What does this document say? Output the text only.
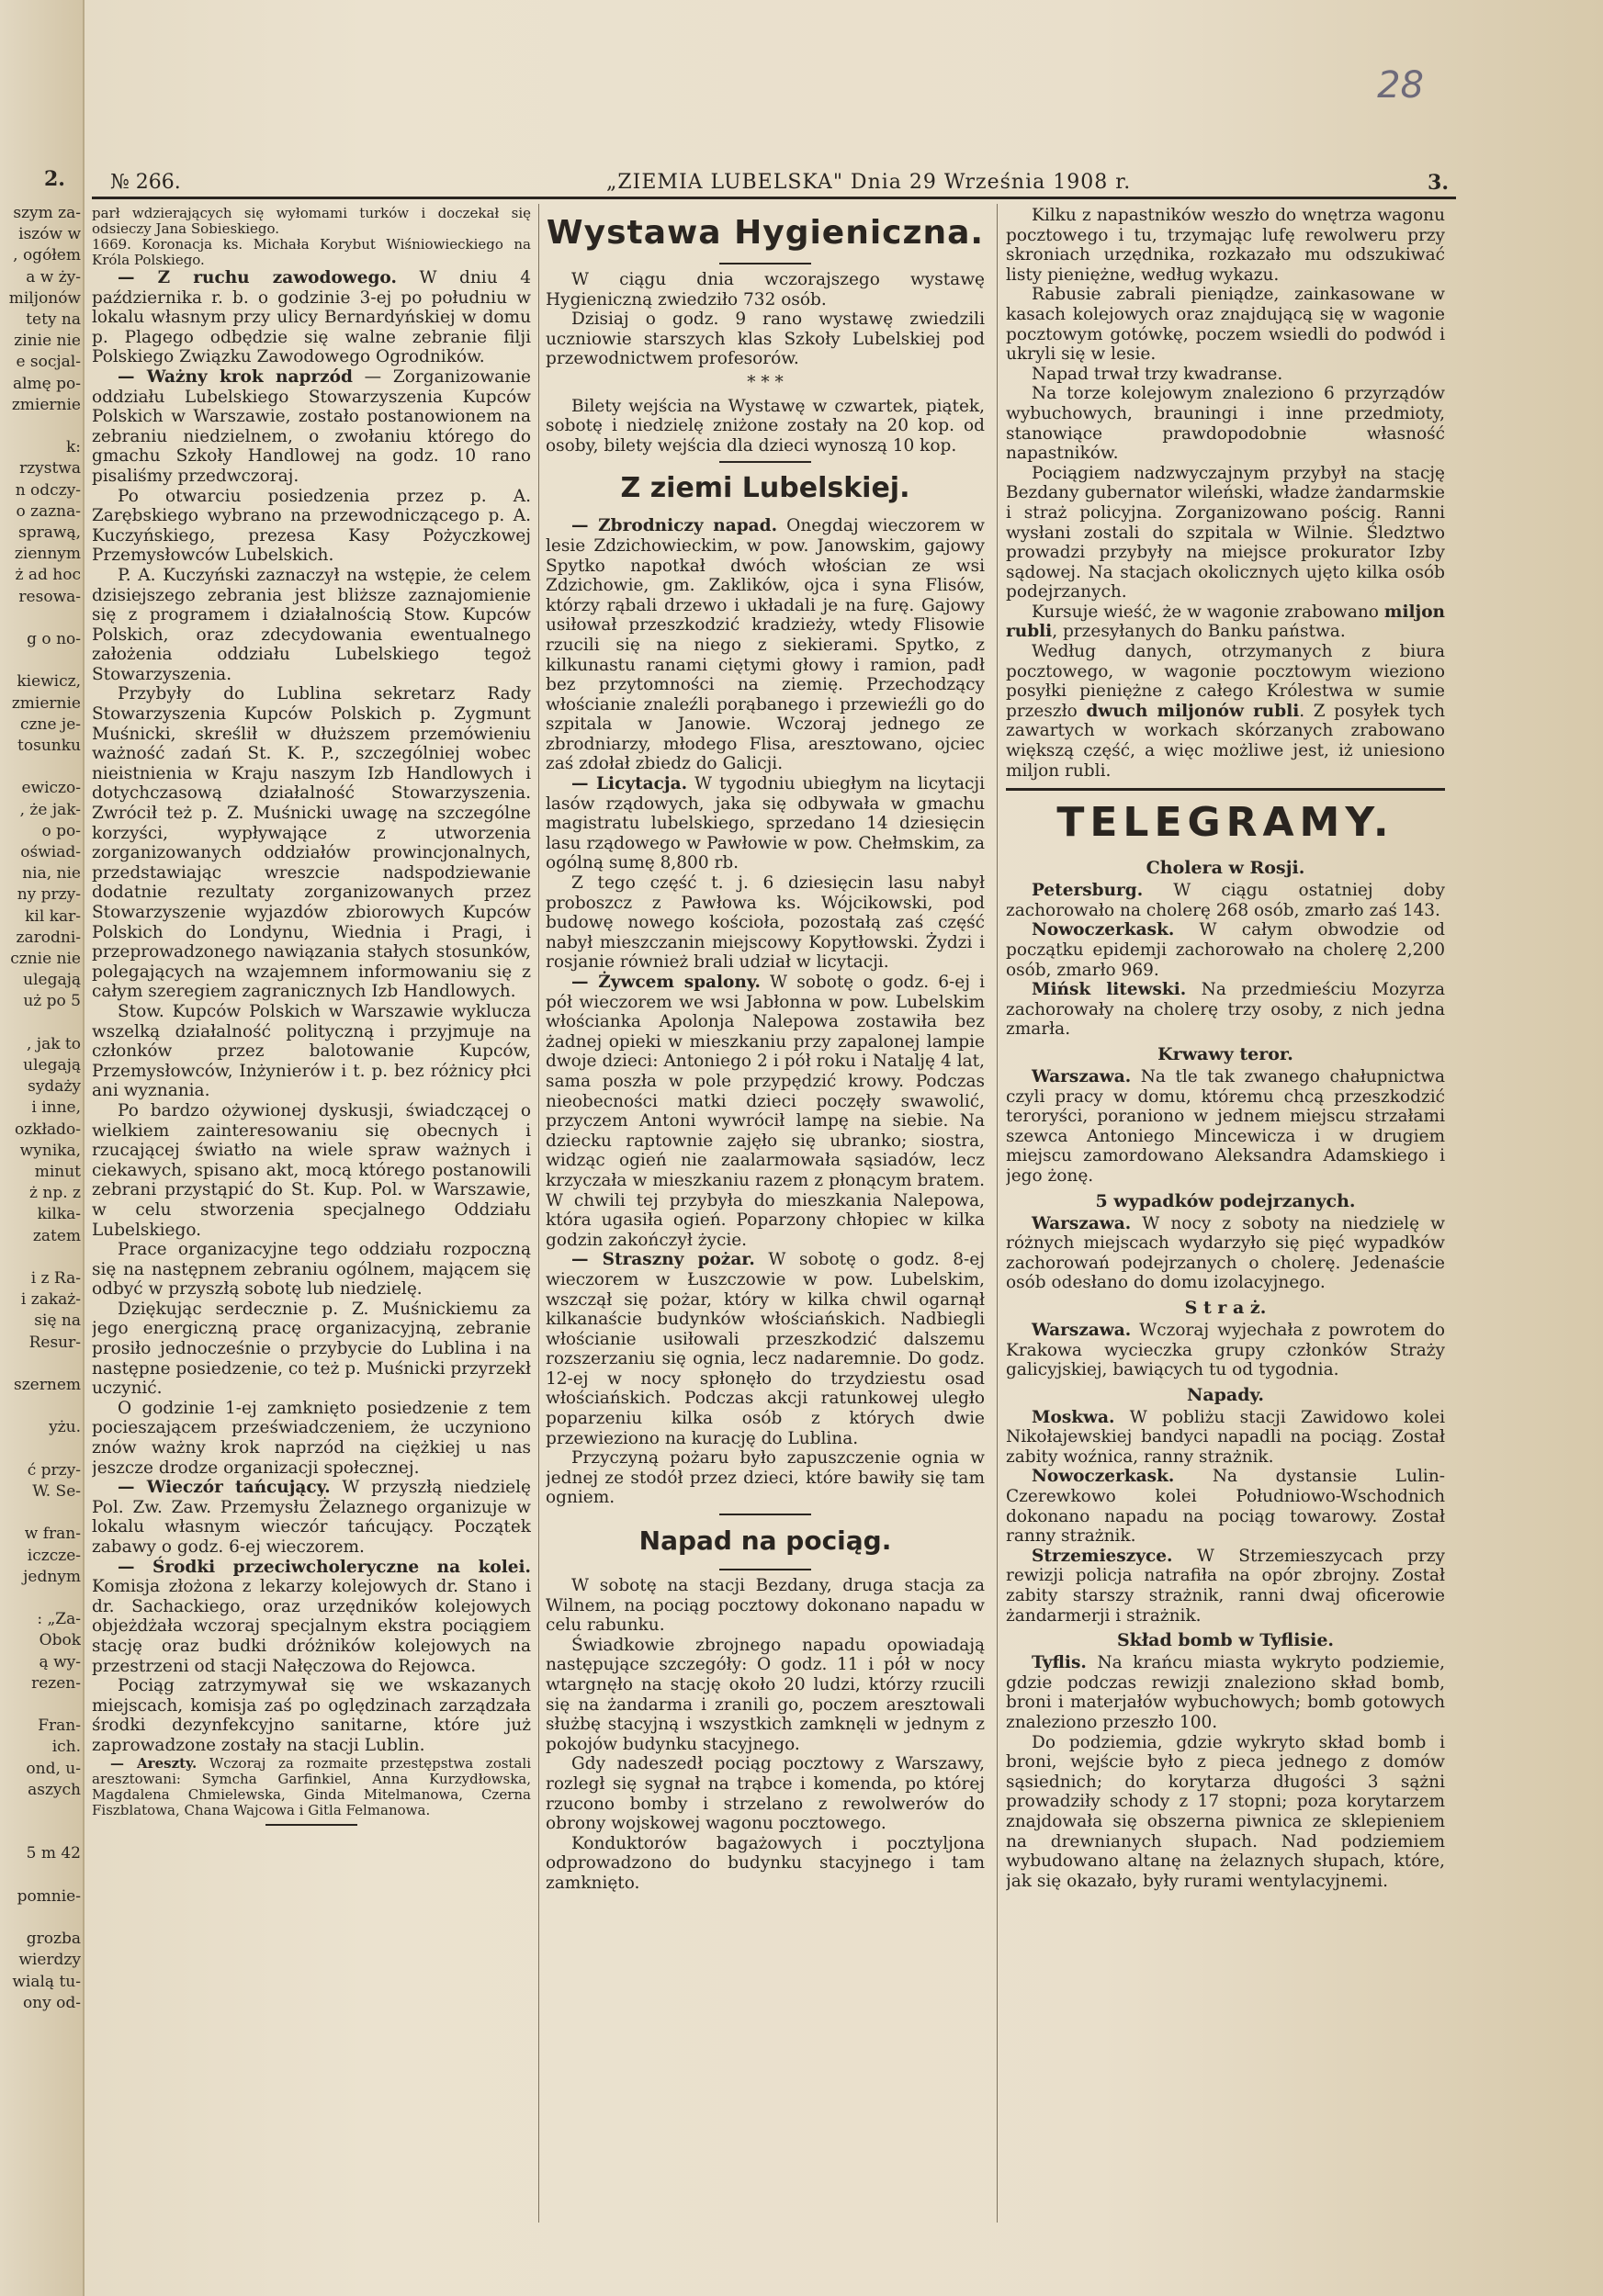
2.
szym za-
iszów w
, ogółem
a w ży-
miljonów
tety na
zinie nie
e socjal-
almę po-
zmiernie
k:
rzystwa
n odczy-
o zazna-
sprawą,
ziennym
ż ad hoc
resowa-
g o no-
kiewicz,
zmiernie
czne je-
tosunku
ewiczo-
, że jak-
o po-
oświad-
nia, nie
ny przy-
kil kar-
zarodni-
cznie nie
ulegają
uż po 5
, jak to
ulegają
sydaży
i inne,
ozkłado-
wynika,
minut
ż np. z
kilka-
zatem
i z Ra-
i zakaż-
się na
Resur-
szernem
yżu.
ć przy-
W. Se-
w fran-
iczcze-
jednym
: „Za-
Obok
ą wy-
rezen-
Fran-
ich.
ond, u-
aszych
5 m 42
pomnie-
grozba
wierdzy
wialą tu-
ony od-
28
№ 266.	„ZIEMIA LUBELSKA" Dnia 29 Września 1908 r.	3.

parł wdzierających się wyłomami turków i doczekał się odsieczy Jana Sobieskiego.

1669. Koronacja ks. Michała Korybut Wiśniowieckiego na Króla Polskiego.

— Z ruchu zawodowego. W dniu 4 października r. b. o godzinie 3-ej po południu w lokalu własnym przy ulicy Bernardyńskiej w domu p. Plagego odbędzie się walne zebranie filji Polskiego Związku Zawodowego Ogrodników.

— Ważny krok naprzód — Zorganizowanie oddziału Lubelskiego Stowarzyszenia Kupców Polskich w Warszawie, zostało postanowionem na zebraniu niedzielnem, o zwołaniu którego do gmachu Szkoły Handlowej na godz. 10 rano pisaliśmy przedwczoraj.

Po otwarciu posiedzenia przez p. A. Zarębskiego wybrano na przewodniczącego p. A. Kuczyńskiego, prezesa Kasy Pożyczkowej Przemysłowców Lubelskich.

P. A. Kuczyński zaznaczył na wstępie, że celem dzisiejszego zebrania jest bliższe zaznajomienie się z programem i działalnością Stow. Kupców Polskich, oraz zdecydowania ewentualnego założenia oddziału Lubelskiego tegoż Stowarzyszenia.

Przybyły do Lublina sekretarz Rady Stowarzyszenia Kupców Polskich p. Zygmunt Muśnicki, skreślił w dłuższem przemówieniu ważność zadań St. K. P., szczególniej wobec nieistnienia w Kraju naszym Izb Handlowych i dotychczasową działalność Stowarzyszenia. Zwrócił też p. Z. Muśnicki uwagę na szczególne korzyści, wypływające z utworzenia zorganizowanych oddziałów prowincjonalnych, przedstawiając wreszcie nadspodziewanie dodatnie rezultaty zorganizowanych przez Stowarzyszenie wyjazdów zbiorowych Kupców Polskich do Londynu, Wiednia i Pragi, i przeprowadzonego nawiązania stałych stosunków, polegających na wzajemnem informowaniu się z całym szeregiem zagranicznych Izb Handlowych.

Stow. Kupców Polskich w Warszawie wyklucza wszelką działalność polityczną i przyjmuje na członków przez balotowanie Kupców, Przemysłowców, Inżynierów i t. p. bez różnicy płci ani wyznania.

Po bardzo ożywionej dyskusji, świadczącej o wielkiem zainteresowaniu się obecnych i rzucającej światło na wiele spraw ważnych i ciekawych, spisano akt, mocą którego postanowili zebrani przystąpić do St. Kup. Pol. w Warszawie, w celu stworzenia specjalnego Oddziału Lubelskiego.

Prace organizacyjne tego oddziału rozpoczną się na następnem zebraniu ogólnem, mającem się odbyć w przyszłą sobotę lub niedzielę.

Dziękując serdecznie p. Z. Muśnickiemu za jego energiczną pracę organizacyjną, zebranie prosiło jednocześnie o przybycie do Lublina i na następne posiedzenie, co też p. Muśnicki przyrzekł uczynić.

O godzinie 1-ej zamknięto posiedzenie z tem pocieszającem przeświadczeniem, że uczyniono znów ważny krok naprzód na ciężkiej u nas jeszcze drodze organizacji społecznej.

— Wieczór tańcujący. W przyszłą niedzielę Pol. Zw. Zaw. Przemysłu Żelaznego organizuje w lokalu własnym wieczór tańcujący. Początek zabawy o godz. 6-ej wieczorem.

— Środki przeciwcholeryczne na kolei. Komisja złożona z lekarzy kolejowych dr. Stano i dr. Sachackiego, oraz urzędników kolejowych objeżdżała wczoraj specjalnym ekstra pociągiem stację oraz budki dróżników kolejowych na przestrzeni od stacji Nałęczowa do Rejowca.

Pociąg zatrzymywał się we wskazanych miejscach, komisja zaś po oględzinach zarządzała środki dezynfekcyjno sanitarne, które już zaprowadzone zostały na stacji Lublin.

— Areszty. Wczoraj za rozmaite przestępstwa zostali aresztowani: Symcha Garfinkiel, Anna Kurzydłowska, Magdalena Chmielewska, Ginda Mitelmanowa, Czerna Fiszblatowa, Chana Wajcowa i Gitla Felmanowa.

Wystawa Hygieniczna.

W ciągu dnia wczorajszego wystawę Hygieniczną zwiedziło 732 osób.

Dzisiaj o godz. 9 rano wystawę zwiedzili uczniowie starszych klas Szkoły Lubelskiej pod przewodnictwem profesorów.

* * *

Bilety wejścia na Wystawę w czwartek, piątek, sobotę i niedzielę zniżone zostały na 20 kop. od osoby, bilety wejścia dla dzieci wynoszą 10 kop.

Z ziemi Lubelskiej.

— Zbrodniczy napad. Onegdaj wieczorem w lesie Zdzichowieckim, w pow. Janowskim, gajowy Spytko napotkał dwóch włościan ze wsi Zdzichowie, gm. Zaklików, ojca i syna Flisów, którzy rąbali drzewo i układali je na furę. Gajowy usiłował przeszkodzić kradzieży, wtedy Flisowie rzucili się na niego z siekierami. Spytko, z kilkunastu ranami ciętymi głowy i ramion, padł bez przytomności na ziemię. Przechodzący włościanie znaleźli porąbanego i przewieźli go do szpitala w Janowie. Wczoraj jednego ze zbrodniarzy, młodego Flisa, aresztowano, ojciec zaś zdołał zbiedz do Galicji.

— Licytacja. W tygodniu ubiegłym na licytacji lasów rządowych, jaka się odbywała w gmachu magistratu lubelskiego, sprzedano 14 dziesięcin lasu rządowego w Pawłowie w pow. Chełmskim, za ogólną sumę 8,800 rb.

Z tego część t. j. 6 dziesięcin lasu nabył proboszcz z Pawłowa ks. Wójcikowski, pod budowę nowego kościoła, pozostałą zaś część nabył mieszczanin miejscowy Kopytłowski. Żydzi i rosjanie również brali udział w licytacji.

— Żywcem spalony. W sobotę o godz. 6-ej i pół wieczorem we wsi Jabłonna w pow. Lubelskim włościanka Apolonja Nalepowa zostawiła bez żadnej opieki w mieszkaniu przy zapalonej lampie dwoje dzieci: Antoniego 2 i pół roku i Natalję 4 lat, sama poszła w pole przypędzić krowy. Podczas nieobecności matki dzieci poczęły swawolić, przyczem Antoni wywrócił lampę na siebie. Na dziecku raptownie zajęło się ubranko; siostra, widząc ogień nie zaalarmowała sąsiadów, lecz krzyczała w mieszkaniu razem z płonącym bratem. W chwili tej przybyła do mieszkania Nalepowa, która ugasiła ogień. Poparzony chłopiec w kilka godzin zakończył życie.

— Straszny pożar. W sobotę o godz. 8-ej wieczorem w Łuszczowie w pow. Lubelskim, wszczął się pożar, który w kilka chwil ogarnął kilkanaście budynków włościańskich. Nadbiegli włościanie usiłowali przeszkodzić dalszemu rozszerzaniu się ognia, lecz nadaremnie. Do godz. 12-ej w nocy spłonęło do trzydziestu osad włościańskich. Podczas akcji ratunkowej uległo poparzeniu kilka osób z których dwie przewieziono na kurację do Lublina.

Przyczyną pożaru było zapuszczenie ognia w jednej ze stodół przez dzieci, które bawiły się tam ogniem.

Napad na pociąg.

W sobotę na stacji Bezdany, druga stacja za Wilnem, na pociąg pocztowy dokonano napadu w celu rabunku.

Świadkowie zbrojnego napadu opowiadają następujące szczegóły: O godz. 11 i pół w nocy wtargnęło na stację około 20 ludzi, którzy rzucili się na żandarma i zranili go, poczem aresztowali służbę stacyjną i wszystkich zamknęli w jednym z pokojów budynku stacyjnego.

Gdy nadeszedł pociąg pocztowy z Warszawy, rozległ się sygnał na trąbce i komenda, po której rzucono bomby i strzelano z rewolwerów do obrony wojskowej wagonu pocztowego.

Konduktorów bagażowych i pocztyljona odprowadzono do budynku stacyjnego i tam zamknięto.

Kilku z napastników weszło do wnętrza wagonu pocztowego i tu, trzymając lufę rewolweru przy skroniach urzędnika, rozkazało mu odszukiwać listy pieniężne, według wykazu.

Rabusie zabrali pieniądze, zainkasowane w kasach kolejowych oraz znajdującą się w wagonie pocztowym gotówkę, poczem wsiedli do podwód i ukryli się w lesie.

Napad trwał trzy kwadranse.

Na torze kolejowym znaleziono 6 przyrządów wybuchowych, brauningi i inne przedmioty, stanowiące prawdopodobnie własność napastników.

Pociągiem nadzwyczajnym przybył na stację Bezdany gubernator wileński, władze żandarmskie i straż policyjna. Zorganizowano pościg. Ranni wysłani zostali do szpitala w Wilnie. Śledztwo prowadzi przybyły na miejsce prokurator Izby sądowej. Na stacjach okolicznych ujęto kilka osób podejrzanych.

Kursuje wieść, że w wagonie zrabowano miljon rubli, przesyłanych do Banku państwa.

Według danych, otrzymanych z biura pocztowego, w wagonie pocztowym wieziono posyłki pieniężne z całego Królestwa w sumie przeszło dwuch miljonów rubli. Z posyłek tych zawartych w workach skórzanych zrabowano większą część, a więc możliwe jest, iż uniesiono miljon rubli.

TELEGRAMY.
Cholera w Rosji.

Petersburg. W ciągu ostatniej doby zachorowało na cholerę 268 osób, zmarło zaś 143.

Nowoczerkask. W całym obwodzie od początku epidemji zachorowało na cholerę 2,200 osób, zmarło 969.

Mińsk litewski. Na przedmieściu Mozyrza zachorowały na cholerę trzy osoby, z nich jedna zmarła.

Krwawy teror.

Warszawa. Na tle tak zwanego chałupnictwa czyli pracy w domu, któremu chcą przeszkodzić teroryści, poraniono w jednem miejscu strzałami szewca Antoniego Mincewicza i w drugiem miejscu zamordowano Aleksandra Adamskiego i jego żonę.

5 wypadków podejrzanych.

Warszawa. W nocy z soboty na niedzielę w różnych miejscach wydarzyło się pięć wypadków zachorowań podejrzanych o cholerę. Jedenaście osób odesłano do domu izolacyjnego.

S t r a ż.

Warszawa. Wczoraj wyjechała z powrotem do Krakowa wycieczka grupy członków Straży galicyjskiej, bawiących tu od tygodnia.

Napady.

Moskwa. W pobliżu stacji Zawidowo kolei Nikołajewskiej bandyci napadli na pociąg. Został zabity woźnica, ranny strażnik.

Nowoczerkask. Na dystansie Lulin-Czerewkowo kolei Południowo-Wschodnich dokonano napadu na pociąg towarowy. Został ranny strażnik.

Strzemieszyce. W Strzemieszycach przy rewizji policja natrafiła na opór zbrojny. Został zabity starszy strażnik, ranni dwaj oficerowie żandarmerji i strażnik.

Skład bomb w Tyflisie.

Tyflis. Na krańcu miasta wykryto podziemie, gdzie podczas rewizji znaleziono skład bomb, broni i materjałów wybuchowych; bomb gotowych znaleziono przeszło 100.

Do podziemia, gdzie wykryto skład bomb i broni, wejście było z pieca jednego z domów sąsiednich; do korytarza długości 3 sążni prowadziły schody z 17 stopni; poza korytarzem znajdowała się obszerna piwnica ze sklepieniem na drewnianych słupach. Nad podziemiem wybudowano altanę na żelaznych słupach, które, jak się okazało, były rurami wentylacyjnemi.
